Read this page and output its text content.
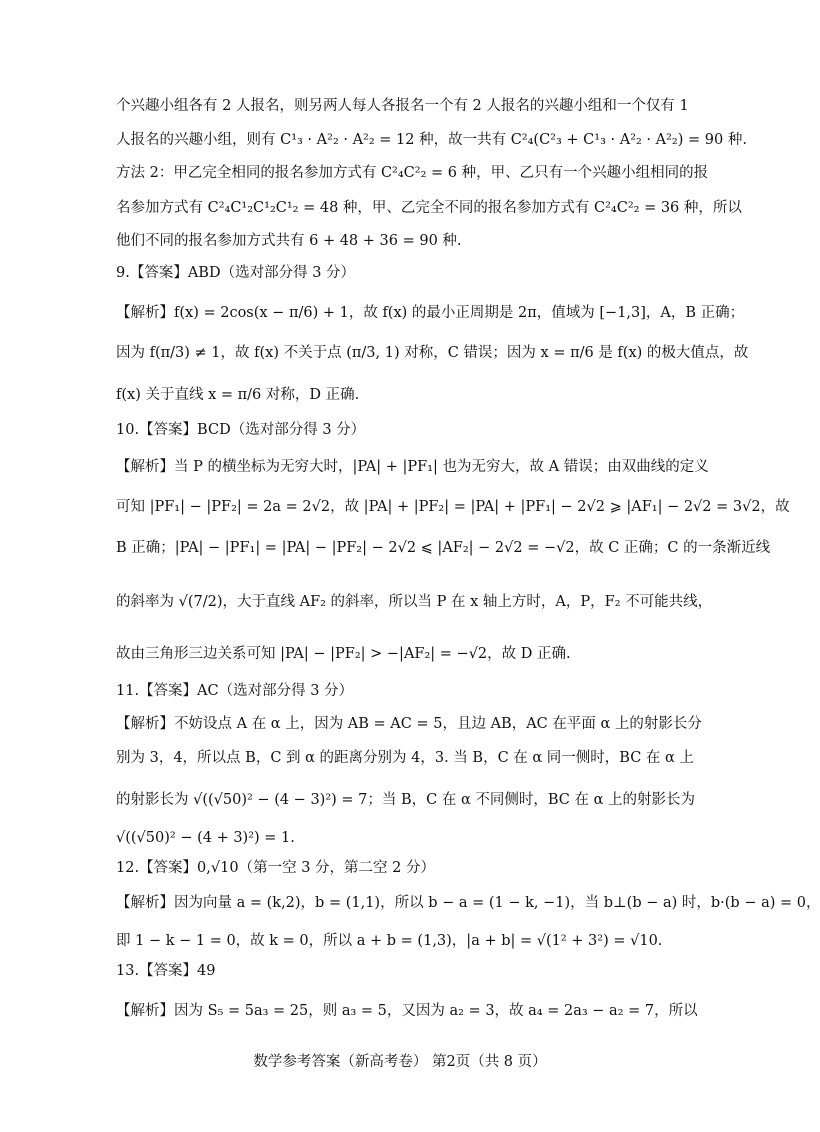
个兴趣小组各有 2 人报名，则另两人每人各报名一个有 2 人报名的兴趣小组和一个仅有 1
人报名的兴趣小组，则有 C¹₃ · A²₂ · A²₂ = 12 种，故一共有 C²₄(C²₃ + C¹₃ · A²₂ · A²₂) = 90 种.
方法 2：甲乙完全相同的报名参加方式有 C²₄C²₂ = 6 种，甲、乙只有一个兴趣小组相同的报
名参加方式有 C²₄C¹₂C¹₂C¹₂ = 48 种，甲、乙完全不同的报名参加方式有 C²₄C²₂ = 36 种，所以
他们不同的报名参加方式共有 6 + 48 + 36 = 90 种.
9.【答案】ABD（选对部分得 3 分）
【解析】f(x) = 2cos(x − π/6) + 1，故 f(x) 的最小正周期是 2π，值域为 [−1,3]，A，B 正确；
因为 f(π/3) ≠ 1，故 f(x) 不关于点 (π/3, 1) 对称，C 错误；因为 x = π/6 是 f(x) 的极大值点，故
f(x) 关于直线 x = π/6 对称，D 正确.
10.【答案】BCD（选对部分得 3 分）
【解析】当 P 的横坐标为无穷大时，|PA| + |PF₁| 也为无穷大，故 A 错误；由双曲线的定义
可知 |PF₁| − |PF₂| = 2a = 2√2，故 |PA| + |PF₂| = |PA| + |PF₁| − 2√2 ⩾ |AF₁| − 2√2 = 3√2，故
B 正确；|PA| − |PF₁| = |PA| − |PF₂| − 2√2 ⩽ |AF₂| − 2√2 = −√2，故 C 正确；C 的一条渐近线
的斜率为 √(7/2)，大于直线 AF₂ 的斜率，所以当 P 在 x 轴上方时，A，P，F₂ 不可能共线，
故由三角形三边关系可知 |PA| − |PF₂| > −|AF₂| = −√2，故 D 正确.
11.【答案】AC（选对部分得 3 分）
【解析】不妨设点 A 在 α 上，因为 AB = AC = 5，且边 AB，AC 在平面 α 上的射影长分
别为 3，4，所以点 B，C 到 α 的距离分别为 4，3. 当 B，C 在 α 同一侧时，BC 在 α 上
的射影长为 √((√50)² − (4 − 3)²) = 7；当 B，C 在 α 不同侧时，BC 在 α 上的射影长为
√((√50)² − (4 + 3)²) = 1.
12.【答案】0,√10（第一空 3 分，第二空 2 分）
【解析】因为向量 a = (k,2)，b = (1,1)，所以 b − a = (1 − k, −1)，当 b⊥(b − a) 时，b·(b − a) = 0，
即 1 − k − 1 = 0，故 k = 0，所以 a + b = (1,3)，|a + b| = √(1² + 3²) = √10.
13.【答案】49
【解析】因为 S₅ = 5a₃ = 25，则 a₃ = 5，又因为 a₂ = 3，故 a₄ = 2a₃ − a₂ = 7，所以
数学参考答案（新高考卷） 第2页（共 8 页）
